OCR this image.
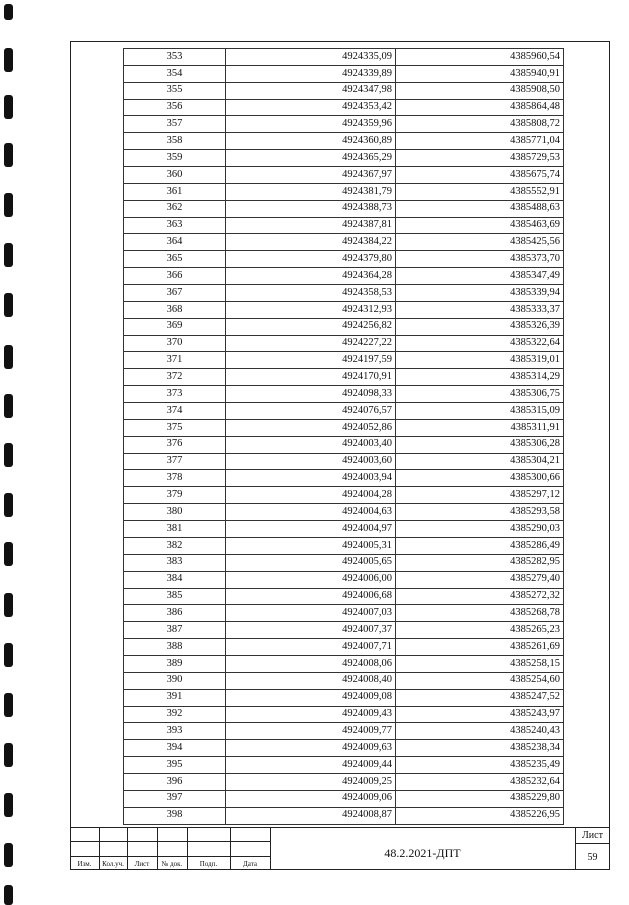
353	4924335,09	4385960,54
354	4924339,89	4385940,91
355	4924347,98	4385908,50
356	4924353,42	4385864,48
357	4924359,96	4385808,72
358	4924360,89	4385771,04
359	4924365,29	4385729,53
360	4924367,97	4385675,74
361	4924381,79	4385552,91
362	4924388,73	4385488,63
363	4924387,81	4385463,69
364	4924384,22	4385425,56
365	4924379,80	4385373,70
366	4924364,28	4385347,49
367	4924358,53	4385339,94
368	4924312,93	4385333,37
369	4924256,82	4385326,39
370	4924227,22	4385322,64
371	4924197,59	4385319,01
372	4924170,91	4385314,29
373	4924098,33	4385306,75
374	4924076,57	4385315,09
375	4924052,86	4385311,91
376	4924003,40	4385306,28
377	4924003,60	4385304,21
378	4924003,94	4385300,66
379	4924004,28	4385297,12
380	4924004,63	4385293,58
381	4924004,97	4385290,03
382	4924005,31	4385286,49
383	4924005,65	4385282,95
384	4924006,00	4385279,40
385	4924006,68	4385272,32
386	4924007,03	4385268,78
387	4924007,37	4385265,23
388	4924007,71	4385261,69
389	4924008,06	4385258,15
390	4924008,40	4385254,60
391	4924009,08	4385247,52
392	4924009,43	4385243,97
393	4924009,77	4385240,43
394	4924009,63	4385238,34
395	4924009,44	4385235,49
396	4924009,25	4385232,64
397	4924009,06	4385229,80
398	4924008,87	4385226,95
Изм.	Кол.уч.	Лист	№ док.	Подп.	Дата
48.2.2021-ДПТ
Лист
59
